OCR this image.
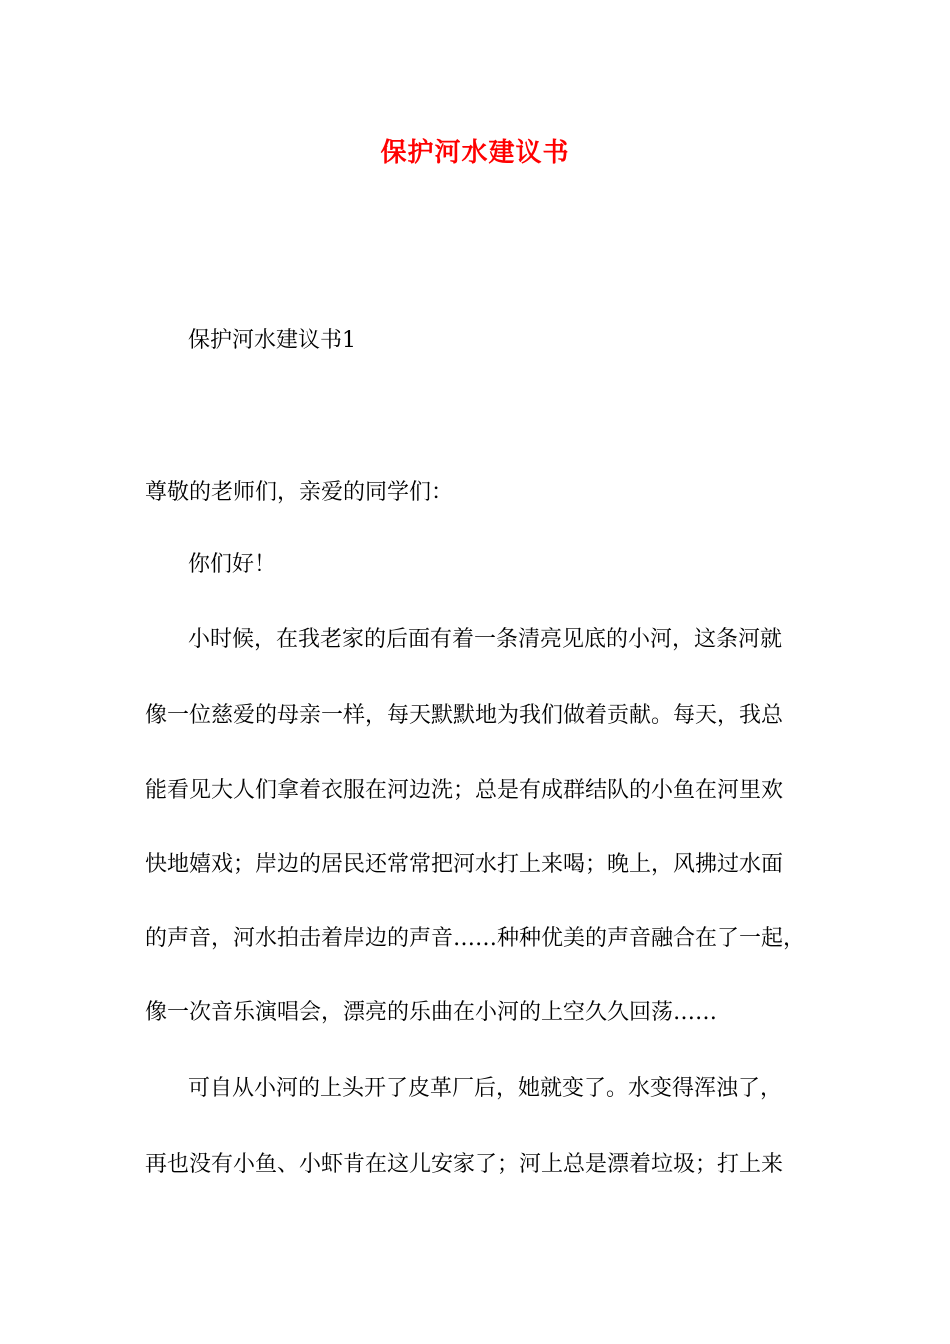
保护河水建议书
保护河水建议书1
尊敬的老师们，亲爱的同学们：
你们好！
小时候，在我老家的后面有着一条清亮见底的小河，这条河就
像一位慈爱的母亲一样，每天默默地为我们做着贡献。每天，我总
能看见大人们拿着衣服在河边洗；总是有成群结队的小鱼在河里欢
快地嬉戏；岸边的居民还常常把河水打上来喝；晚上，风拂过水面
的声音，河水拍击着岸边的声音……种种优美的声音融合在了一起，
像一次音乐演唱会，漂亮的乐曲在小河的上空久久回荡……
可自从小河的上头开了皮革厂后，她就变了。水变得浑浊了，
再也没有小鱼、小虾肯在这儿安家了；河上总是漂着垃圾；打上来
